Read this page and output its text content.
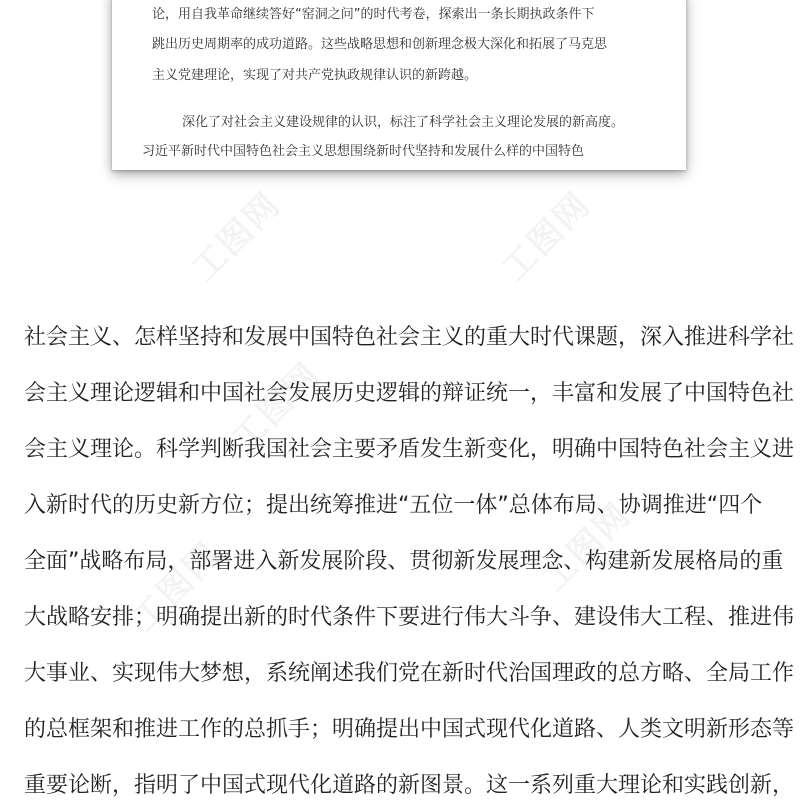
论，用自我革命继续答好“窑洞之问”的时代考卷，探索出一条长期执政条件下
跳出历史周期率的成功道路。这些战略思想和创新理念极大深化和拓展了马克思
主义党建理论，实现了对共产党执政规律认识的新跨越。
深化了对社会主义建设规律的认识，标注了科学社会主义理论发展的新高度。
习近平新时代中国特色社会主义思想围绕新时代坚持和发展什么样的中国特色
工图网	工图网
工图网
工图网
工图网
社会主义、怎样坚持和发展中国特色社会主义的重大时代课题，深入推进科学社
会主义理论逻辑和中国社会发展历史逻辑的辩证统一，丰富和发展了中国特色社
会主义理论。科学判断我国社会主要矛盾发生新变化，明确中国特色社会主义进
入新时代的历史新方位；提出统筹推进“五位一体”总体布局、协调推进“四个
全面”战略布局，部署进入新发展阶段、贯彻新发展理念、构建新发展格局的重
大战略安排；明确提出新的时代条件下要进行伟大斗争、建设伟大工程、推进伟
大事业、实现伟大梦想，系统阐述我们党在新时代治国理政的总方略、全局工作
的总框架和推进工作的总抓手；明确提出中国式现代化道路、人类文明新形态等
重要论断，指明了中国式现代化道路的新图景。这一系列重大理论和实践创新，
